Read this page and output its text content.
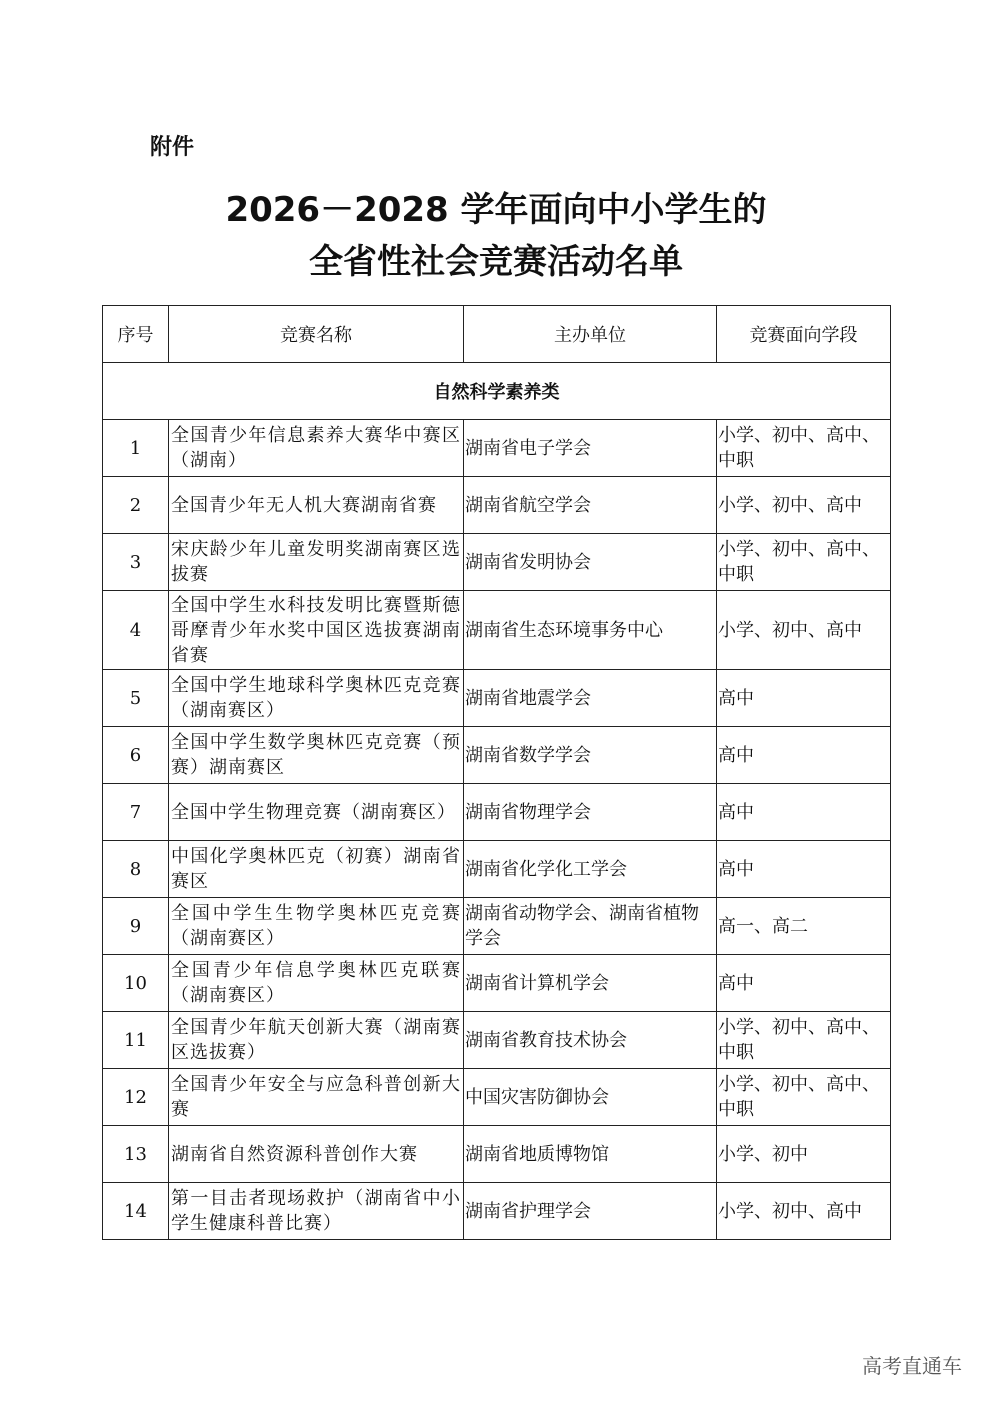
附件
2026－2028 学年面向中小学生的
全省性社会竞赛活动名单
序号	竞赛名称	主办单位	竞赛面向学段
自然科学素养类			
1	全国青少年信息素养大赛华中赛区（湖南）	湖南省电子学会	小学、初中、高中、中职
2	全国青少年无人机大赛湖南省赛	湖南省航空学会	小学、初中、高中
3	宋庆龄少年儿童发明奖湖南赛区选拔赛	湖南省发明协会	小学、初中、高中、中职
4	全国中学生水科技发明比赛暨斯德哥摩青少年水奖中国区选拔赛湖南省赛	湖南省生态环境事务中心	小学、初中、高中
5	全国中学生地球科学奥林匹克竞赛（湖南赛区）	湖南省地震学会	高中
6	全国中学生数学奥林匹克竞赛（预赛）湖南赛区	湖南省数学学会	高中
7	全国中学生物理竞赛（湖南赛区）	湖南省物理学会	高中
8	中国化学奥林匹克（初赛）湖南省赛区	湖南省化学化工学会	高中
9	全国中学生生物学奥林匹克竞赛（湖南赛区）	湖南省动物学会、湖南省植物学会	高一、高二
10	全国青少年信息学奥林匹克联赛（湖南赛区）	湖南省计算机学会	高中
11	全国青少年航天创新大赛（湖南赛区选拔赛）	湖南省教育技术协会	小学、初中、高中、中职
12	全国青少年安全与应急科普创新大赛	中国灾害防御协会	小学、初中、高中、中职
13	湖南省自然资源科普创作大赛	湖南省地质博物馆	小学、初中
14	第一目击者现场救护（湖南省中小学生健康科普比赛）	湖南省护理学会	小学、初中、高中
高考直通车
